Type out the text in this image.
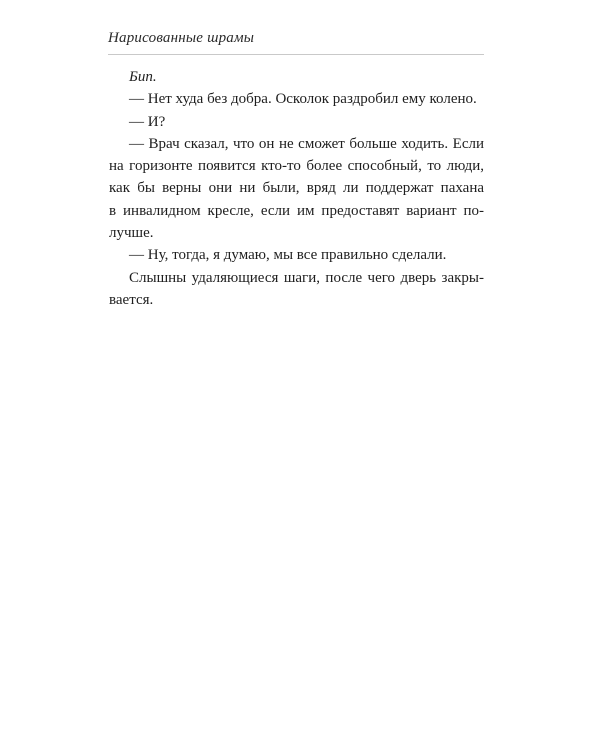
Нарисованные шрамы
Бип.
— Нет худа без добра. Осколок раздробил ему колено.
— И?
— Врач сказал, что он не сможет больше ходить. Если
на горизонте появится кто-то более способный, то люди,
как бы верны они ни были, вряд ли поддержат пахана
в инвалидном кресле, если им предоставят вариант по-
лучше.
— Ну, тогда, я думаю, мы все правильно сделали.
Слышны удаляющиеся шаги, после чего дверь закры-
вается.
